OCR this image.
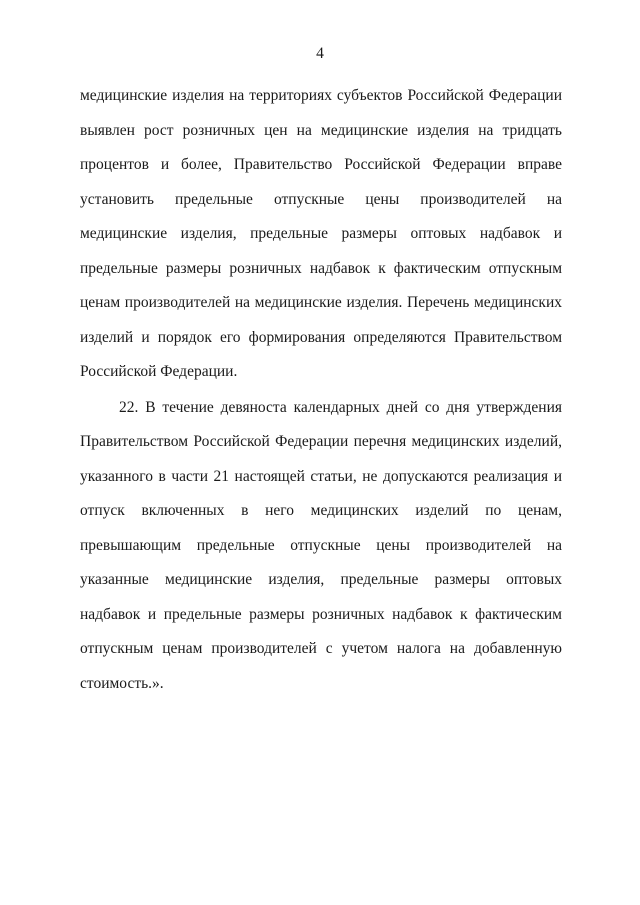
4
медицинские изделия на территориях субъектов Российской Федерации
выявлен рост розничных цен на медицинские изделия на тридцать
процентов и более, Правительство Российской Федерации вправе
установить предельные отпускные цены производителей на
медицинские изделия, предельные размеры оптовых надбавок и
предельные размеры розничных надбавок к фактическим отпускным
ценам производителей на медицинские изделия. Перечень медицинских
изделий и порядок его формирования определяются Правительством
Российской Федерации.
22. В течение девяноста календарных дней со дня утверждения
Правительством Российской Федерации перечня медицинских изделий,
указанного в части 21 настоящей статьи, не допускаются реализация и
отпуск включенных в него медицинских изделий по ценам,
превышающим предельные отпускные цены производителей на
указанные медицинские изделия, предельные размеры оптовых
надбавок и предельные размеры розничных надбавок к фактическим
отпускным ценам производителей с учетом налога на добавленную
стоимость.».
